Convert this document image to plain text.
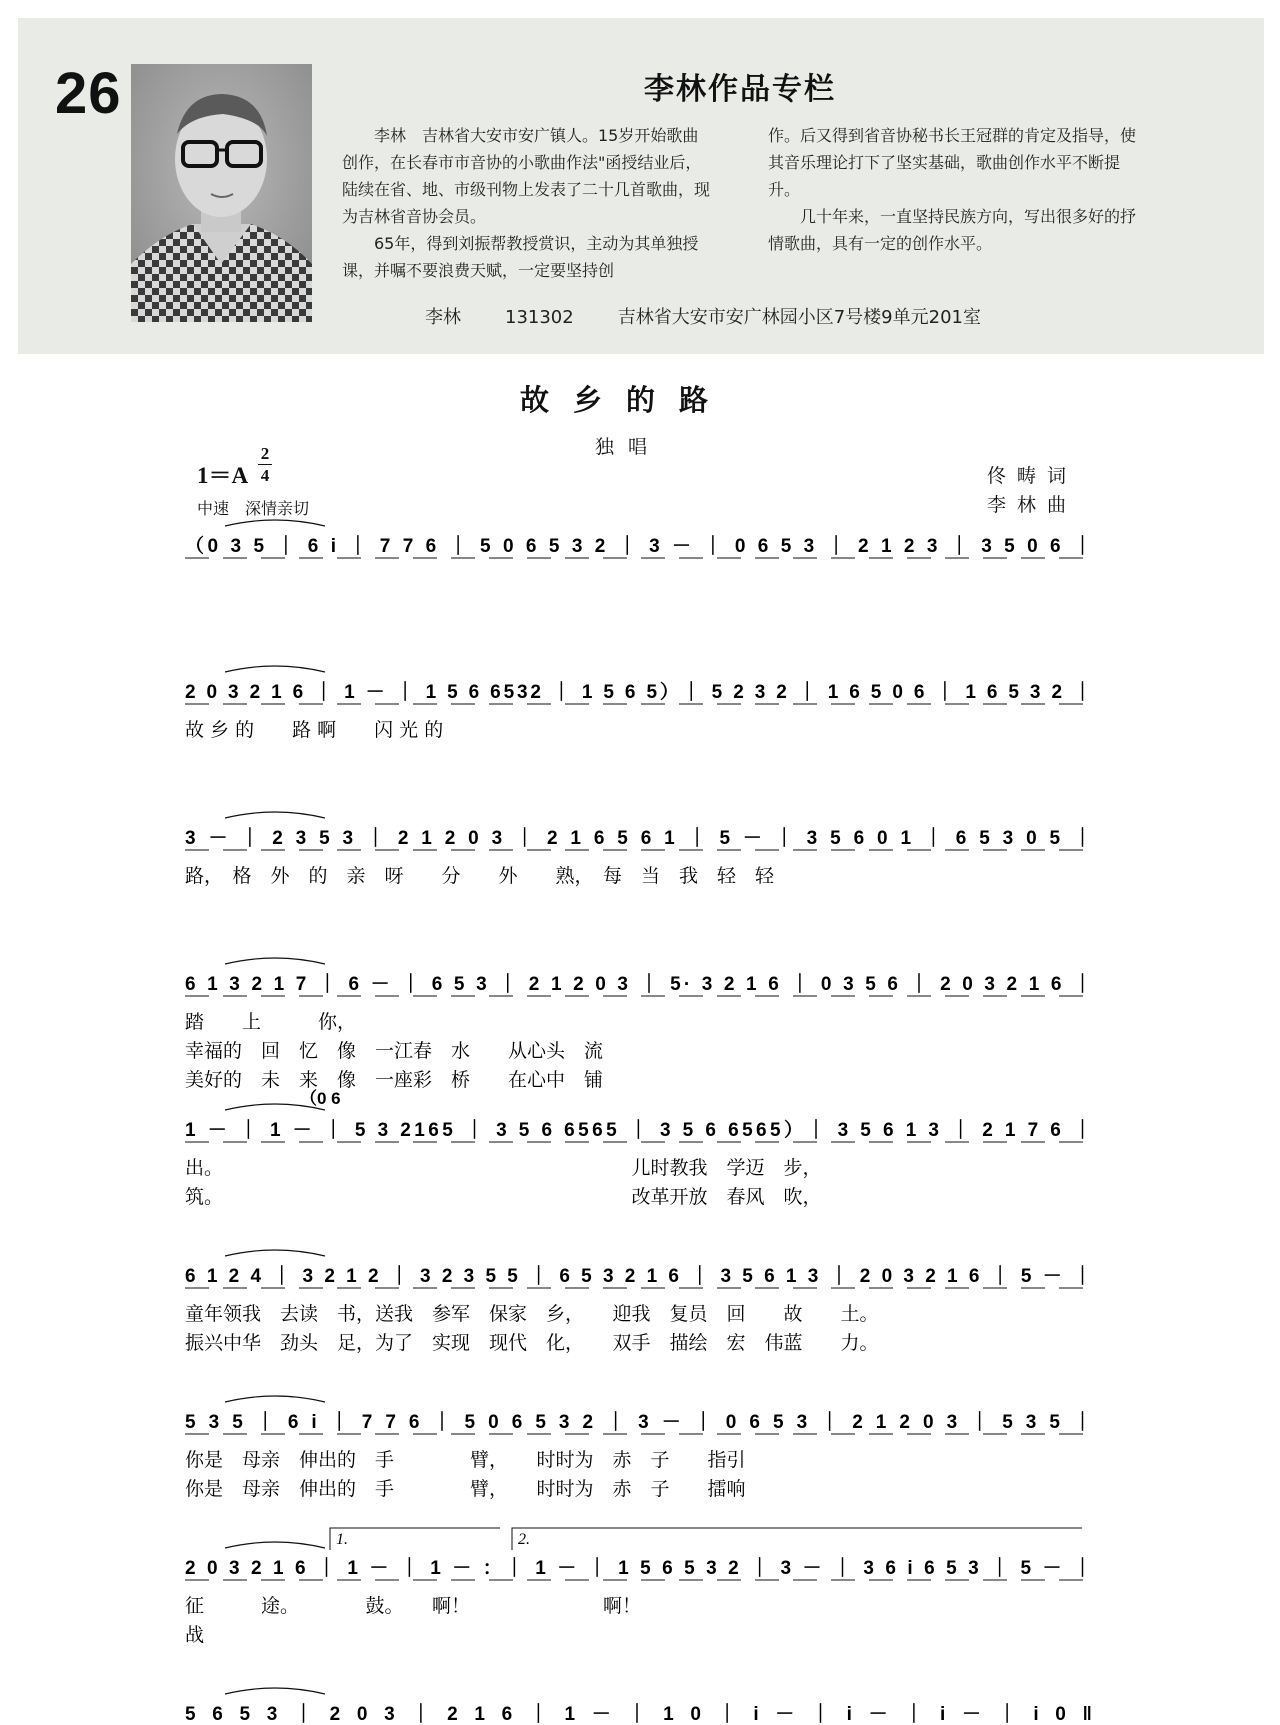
26	李林作品专栏

李林　吉林省大安市安广镇人。15岁开始歌曲创作，在长春市市音协的小歌曲作法"函授结业后，陆续在省、地、市级刊物上发表了二十几首歌曲，现为吉林省音协会员。

65年，得到刘振帮教授赏识，主动为其单独授课，并嘱不要浪费天赋，一定要坚持创

作。后又得到省音协秘书长王冠群的肯定及指导，使其音乐理论打下了坚实基础，歌曲创作水平不断提升。

几十年来，一直坚持民族方向，写出很多好的抒情歌曲，具有一定的创作水平。

李林 131302 吉林省大安市安广林园小区7号楼9单元201室
故乡的路
独唱
1＝A
2
4
中速　深情亲切
佟畴词
李林曲
（0 3 5 ｜ 6 i ｜ 7 7 6 ｜ 5 0 6 5 3 2 ｜ 3 － ｜ 0 6 5 3 ｜ 2 1 2 3 ｜ 3 5 0 6 ｜
2 0 3 2 1 6 ｜ 1 － ｜ 1 5 6 6532 ｜ 1 5 6 5）｜ 5 2 3 2 ｜ 1 6 5 0 6 ｜ 1 6 5 3 2 ｜
故 乡 的　　路 啊　　闪 光 的
3 － ｜ 2 3 5 3 ｜ 2 1 2 0 3 ｜ 2 1 6 5 6 1 ｜ 5 － ｜ 3 5 6 0 1 ｜ 6 5 3 0 5 ｜
路，　格　外　的　亲　呀　　分　　外　　熟，　每　当　我　轻　轻
6 1 3 2 1 7 ｜ 6 － ｜ 6 5 3 ｜ 2 1 2 0 3 ｜ 5· 3 2 1 6 ｜ 0 3 5 6 ｜ 2 0 3 2 1 6 ｜
踏　　上　　　你，
幸福的　回　忆　像　一江春　水　　从心头　流
美好的　未　来　像　一座彩　桥　　在心中　铺
1 － ｜ 1 － ｜ 5 3 2165 ｜ 3 5 6 6565 ｜ 3 5 6 6565）｜ 3 5 6 1 3 ｜ 2 1 7 6 ｜
（0 6
出。　　　　　　　　　　　　　　　　　　　　　　儿时教我　学迈　步，
筑。　　　　　　　　　　　　　　　　　　　　　　改革开放　春风　吹，
6 1 2 4 ｜ 3 2 1 2 ｜ 3 2 3 5 5 ｜ 6 5 3 2 1 6 ｜ 3 5 6 1 3 ｜ 2 0 3 2 1 6 ｜ 5 － ｜
童年领我　去读　书，送我　参军　保家　乡，　　迎我　复员　回　　故　　土。
振兴中华　劲头　足，为了　实现　现代　化，　　双手　描绘　宏　伟蓝　　力。
5 3 5 ｜ 6 i ｜ 7 7 6 ｜ 5 0 6 5 3 2 ｜ 3 － ｜ 0 6 5 3 ｜ 2 1 2 0 3 ｜ 5 3 5 ｜
你是　母亲　伸出的　手　　　　臂，　　时时为　赤　子　　指引
你是　母亲　伸出的　手　　　　臂，　　时时为　赤　子　　擂响
2 0 3 2 1 6 ｜ 1 － ｜ 1 － ：｜ 1 － ｜ 1 5 6 5 3 2 ｜ 3 － ｜ 3 6 i 6 5 3 ｜ 5 － ｜
1.	2.
征　　　途。　　　　鼓。　　啊！　　　　　　　啊！
战
5 6 5 3 ｜ 2 0 3 ｜ 2 1 6 ｜ 1 － ｜ 1 0 ｜ i － ｜ i － ｜ i － ｜ i 0 ‖
